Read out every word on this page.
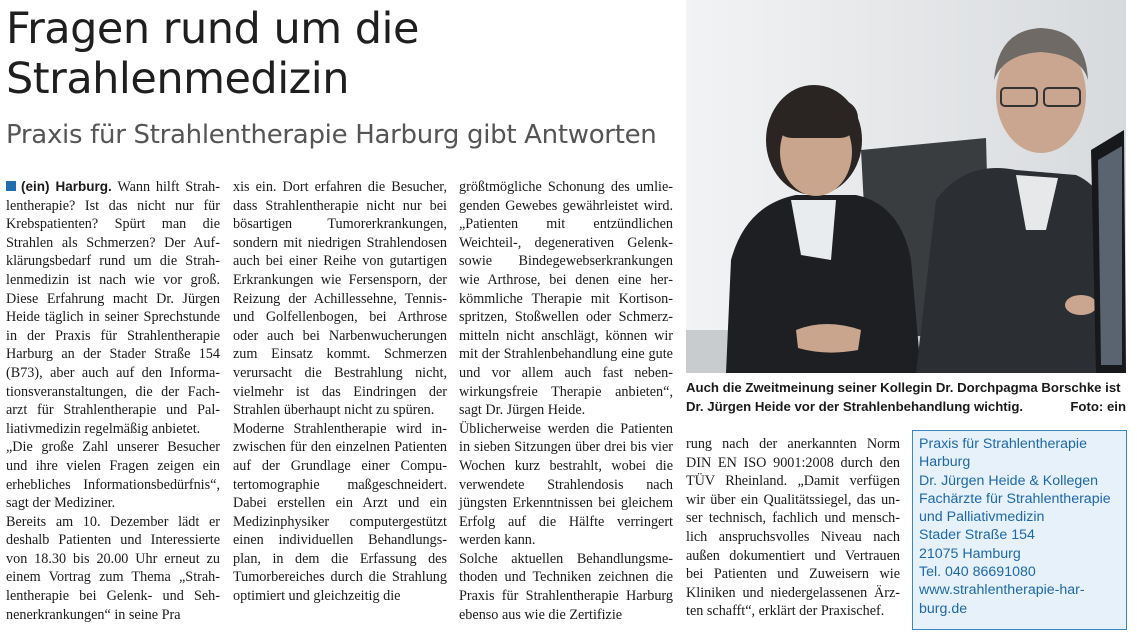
Fragen rund um die
Strahlenmedizin
Praxis für Strahlentherapie Harburg gibt Antworten

(ein) Harburg. Wann hilft Strahlentherapie? Ist das nicht nur für Krebspatienten? Spürt man die Strahlen als Schmerzen? Der Aufklärungsbedarf rund um die Strahlenmedizin ist nach wie vor groß. Diese Erfahrung macht Dr. Jürgen Heide täglich in seiner Sprechstunde in der Praxis für Strahlentherapie Harburg an der Stader Straße 154 (B73), aber auch auf den Informationsveranstaltungen, die der Facharzt für Strahlentherapie und Palliativmedizin regelmäßig anbietet.

„Die große Zahl unserer Besucher und ihre vielen Fragen zeigen ein erhebliches Informationsbedürfnis“, sagt der Mediziner.

Bereits am 10. Dezember lädt er deshalb Patienten und Interessierte von 18.30 bis 20.00 Uhr erneut zu einem Vortrag zum Thema „Strahlentherapie bei Gelenk- und Sehnenerkrankungen“ in seine Pra

xis ein. Dort erfahren die Besucher, dass Strahlentherapie nicht nur bei bösartigen Tumorerkrankungen, sondern mit niedrigen Strahlendosen auch bei einer Reihe von gutartigen Erkrankungen wie Fersensporn, der Reizung der Achillessehne, Tennis- und Golfellenbogen, bei Arthrose oder auch bei Narbenwucherungen zum Einsatz kommt. Schmerzen verursacht die Bestrahlung nicht, vielmehr ist das Eindringen der Strahlen überhaupt nicht zu spüren.

Moderne Strahlentherapie wird inzwischen für den einzelnen Patienten auf der Grundlage einer Computertomographie maßgeschneidert. Dabei erstellen ein Arzt und ein Medizinphysiker computergestützt einen individuellen Behandlungsplan, in dem die Erfassung des Tumorbereiches durch die Strahlung optimiert und gleichzeitig die

größtmögliche Schonung des umliegenden Gewebes gewährleistet wird. „Patienten mit entzündlichen Weichteil-, degenerativen Gelenksowie Bindegewebserkrankungen wie Arthrose, bei denen eine herkömmliche Therapie mit Kortisonspritzen, Stoßwellen oder Schmerzmitteln nicht anschlägt, können wir mit der Strahlenbehandlung eine gute und vor allem auch fast nebenwirkungsfreie Therapie anbieten“, sagt Dr. Jürgen Heide.

Üblicherweise werden die Patienten in sieben Sitzungen über drei bis vier Wochen kurz bestrahlt, wobei die verwendete Strahlendosis nach jüngsten Erkenntnissen bei gleichem Erfolg auf die Hälfte verringert werden kann.

Solche aktuellen Behandlungsmethoden und Techniken zeichnen die Praxis für Strahlentherapie Harburg ebenso aus wie die Zertifizie

rung nach der anerkannten Norm DIN EN ISO 9001:2008 durch den TÜV Rheinland. „Damit verfügen wir über ein Qualitätssiegel, das unser technisch, fachlich und menschlich anspruchsvolles Niveau nach außen dokumentiert und Vertrauen bei Patienten und Zuweisern wie Kliniken und niedergelassenen Ärzten schafft“, erklärt der Praxischef.

Auch die Zweitmeinung seiner Kollegin Dr. Dorchpagma Borschke ist Dr. Jürgen Heide vor der Strahlenbehandlung wichtig.	Foto: ein
Praxis für Strahlentherapie
Harburg
Dr. Jürgen Heide & Kollegen
Fachärzte für Strahlentherapie
und Palliativmedizin
Stader Straße 154
21075 Hamburg
Tel. 040 86691080
www.strahlentherapie-har-
burg.de
